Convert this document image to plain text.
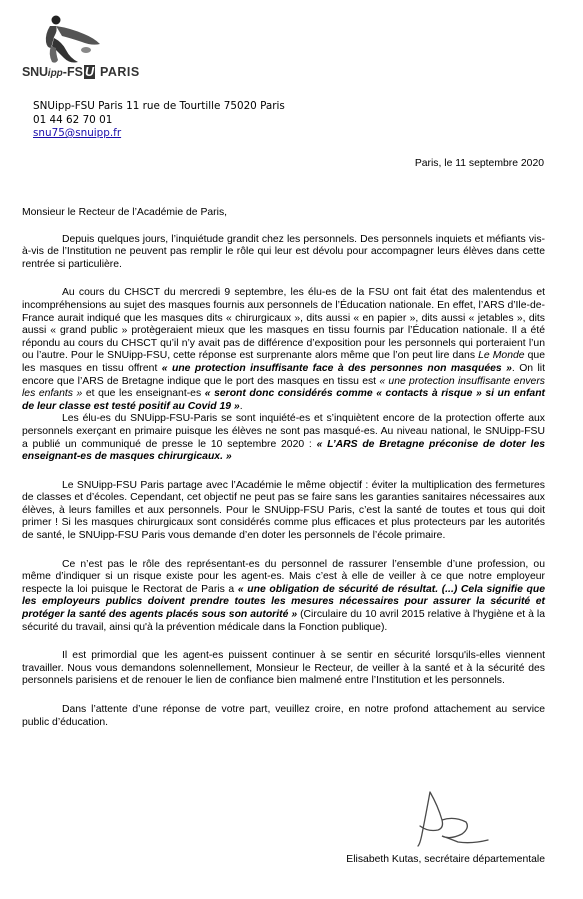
SNUipp-FS U PARIS
SNUipp-FSU Paris 11 rue de Tourtille 75020 Paris
01 44 62 70 01
snu75@snuipp.fr
Paris, le 11 septembre 2020

Monsieur le Recteur de l’Académie de Paris,

Depuis quelques jours, l’inquiétude grandit chez les personnels. Des personnels inquiets et méfiants vis-à-vis de l’Institution ne peuvent pas remplir le rôle qui leur est dévolu pour accompagner leurs élèves dans cette rentrée si particulière.

Au cours du CHSCT du mercredi 9 septembre, les élu-es de la FSU ont fait état des malentendus et incompréhensions au sujet des masques fournis aux personnels de l’Éducation nationale. En effet, l’ARS d’Ile-de-France aurait indiqué que les masques dits « chirurgicaux », dits aussi « en papier », dits aussi « jetables », dits aussi « grand public » protègeraient mieux que les masques en tissu fournis par l’Éducation nationale. Il a été répondu au cours du CHSCT qu’il n’y avait pas de différence d’exposition pour les personnels qui porteraient l’un ou l’autre. Pour le SNUipp-FSU, cette réponse est surprenante alors même que l’on peut lire dans Le Monde que les masques en tissu offrent « une protection insuffisante face à des personnes non masquées ». On lit encore que l’ARS de Bretagne indique que le port des masques en tissu est « une protection insuffisante envers les enfants » et que les enseignant-es « seront donc considérés comme « contacts à risque » si un enfant de leur classe est testé positif au Covid 19 ».

Les élu-es du SNUipp-FSU-Paris se sont inquiété-es et s’inquiètent encore de la protection offerte aux personnels exerçant en primaire puisque les élèves ne sont pas masqué-es. Au niveau national, le SNUipp-FSU a publié un communiqué de presse le 10 septembre 2020 : « L’ARS de Bretagne préconise de doter les enseignant-es de masques chirurgicaux. »

Le SNUipp-FSU Paris partage avec l’Académie le même objectif : éviter la multiplication des fermetures de classes et d’écoles. Cependant, cet objectif ne peut pas se faire sans les garanties sanitaires nécessaires aux élèves, à leurs familles et aux personnels. Pour le SNUipp-FSU Paris, c’est la santé de toutes et tous qui doit primer ! Si les masques chirurgicaux sont considérés comme plus efficaces et plus protecteurs par les autorités de santé, le SNUipp-FSU Paris vous demande d’en doter les personnels de l’école primaire.

Ce n’est pas le rôle des représentant-es du personnel de rassurer l’ensemble d’une profession, ou même d’indiquer si un risque existe pour les agent-es. Mais c’est à elle de veiller à ce que notre employeur respecte la loi puisque le Rectorat de Paris a « une obligation de sécurité de résultat. (...) Cela signifie que les employeurs publics doivent prendre toutes les mesures nécessaires pour assurer la sécurité et protéger la santé des agents placés sous son autorité » (Circulaire du 10 avril 2015 relative à l'hygiène et à la sécurité du travail, ainsi qu'à la prévention médicale dans la Fonction publique).

Il est primordial que les agent-es puissent continuer à se sentir en sécurité lorsqu'ils-elles viennent travailler. Nous vous demandons solennellement, Monsieur le Recteur, de veiller à la santé et à la sécurité des personnels parisiens et de renouer le lien de confiance bien malmené entre l’Institution et les personnels.

Dans l’attente d’une réponse de votre part, veuillez croire, en notre profond attachement au service public d’éducation.

Elisabeth Kutas, secrétaire départementale
